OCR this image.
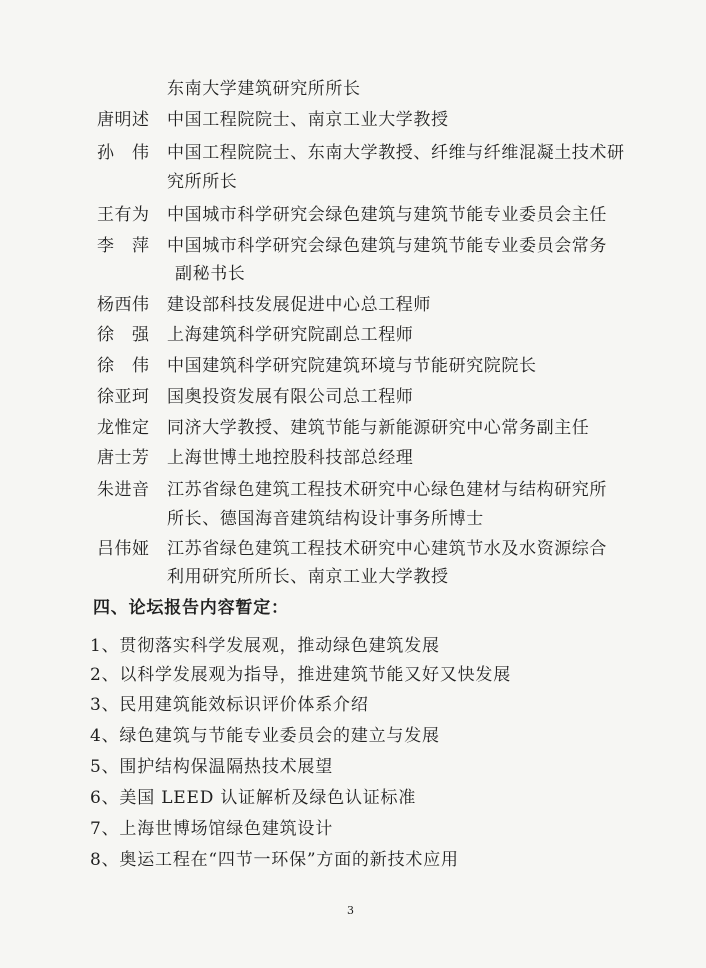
东南大学建筑研究所所长
唐明述 中国工程院院士、南京工业大学教授
孙　伟 中国工程院院士、东南大学教授、纤维与纤维混凝土技术研
究所所长
王有为 中国城市科学研究会绿色建筑与建筑节能专业委员会主任
李　萍 中国城市科学研究会绿色建筑与建筑节能专业委员会常务
副秘书长
杨西伟 建设部科技发展促进中心总工程师
徐　强 上海建筑科学研究院副总工程师
徐　伟 中国建筑科学研究院建筑环境与节能研究院院长
徐亚珂 国奥投资发展有限公司总工程师
龙惟定 同济大学教授、建筑节能与新能源研究中心常务副主任
唐士芳 上海世博土地控股科技部总经理
朱进音 江苏省绿色建筑工程技术研究中心绿色建材与结构研究所
所长、德国海音建筑结构设计事务所博士
吕伟娅 江苏省绿色建筑工程技术研究中心建筑节水及水资源综合
利用研究所所长、南京工业大学教授
四、论坛报告内容暂定：
1、贯彻落实科学发展观，推动绿色建筑发展
2、以科学发展观为指导，推进建筑节能又好又快发展
3、民用建筑能效标识评价体系介绍
4、绿色建筑与节能专业委员会的建立与发展
5、围护结构保温隔热技术展望
6、美国 LEED 认证解析及绿色认证标准
7、上海世博场馆绿色建筑设计
8、奥运工程在“四节一环保”方面的新技术应用
3
